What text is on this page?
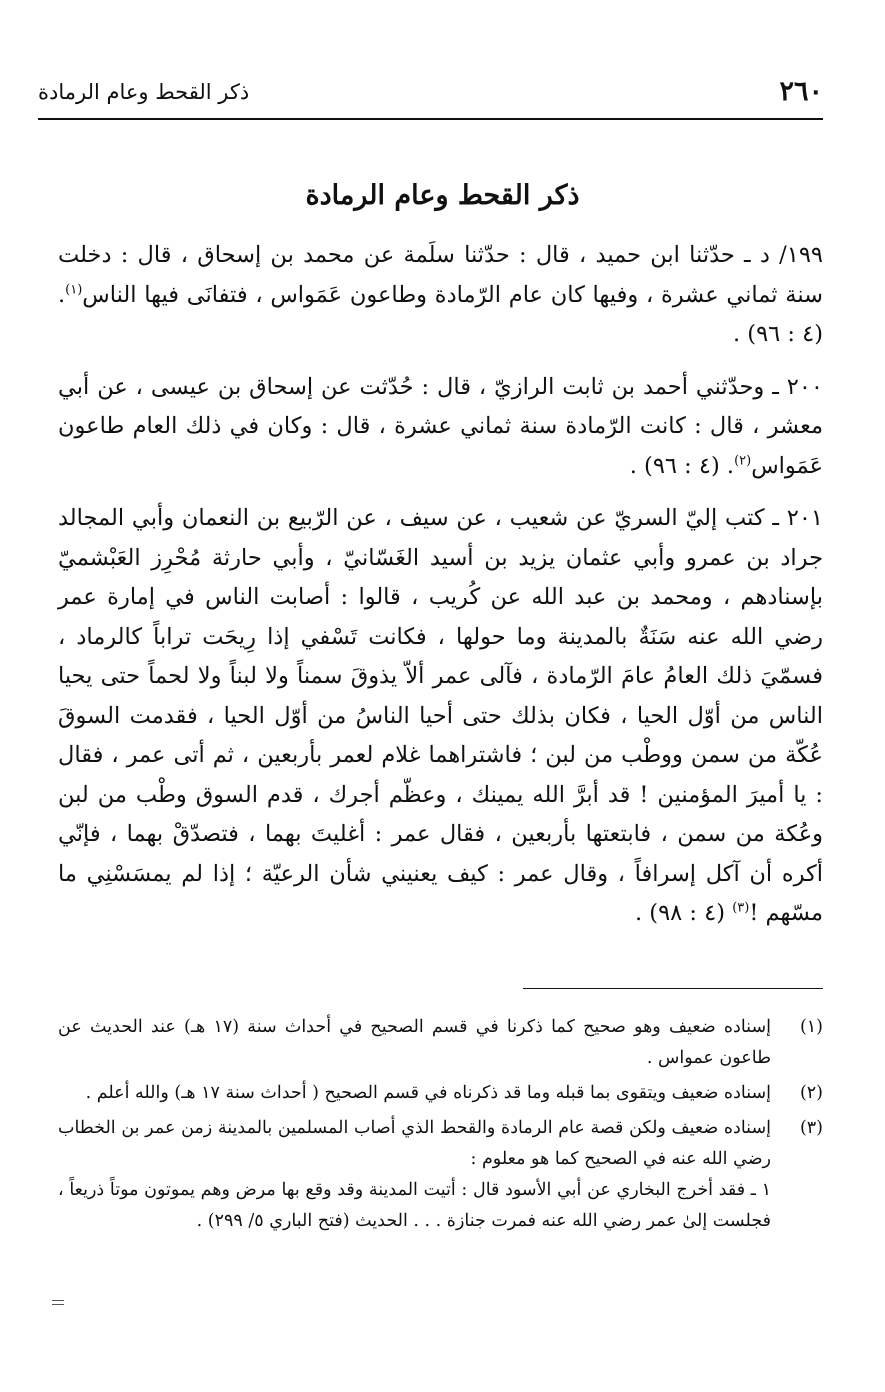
٢٦٠
ذكر القحط وعام الرمادة
ذكر القحط وعام الرمادة

١٩٩/ د ـ حدّثنا ابن حميد ، قال : حدّثنا سلَمة عن محمد بن إسحاق ، قال : دخلت سنة ثماني عشرة ، وفيها كان عام الرّمادة وطاعون عَمَواس ، فتفانَى فيها الناس$^{(١)}$. (٤ : ٩٦) .

٢٠٠ ـ وحدّثني أحمد بن ثابت الرازيّ ، قال : حُدّثت عن إسحاق بن عيسى ، عن أبي معشر ، قال : كانت الرّمادة سنة ثماني عشرة ، قال : وكان في ذلك العام طاعون عَمَواس$^{(٢)}$. (٤ : ٩٦) .

٢٠١ ـ كتب إليّ السريّ عن شعيب ، عن سيف ، عن الرّبيع بن النعمان وأبي المجالد جراد بن عمرو وأبي عثمان يزيد بن أسيد الغَسّانيّ ، وأبي حارثة مُحْرِز العَبْشميّ بإسنادهم ، ومحمد بن عبد الله عن كُريب ، قالوا : أصابت الناس في إمارة عمر رضي الله عنه سَنَةٌ بالمدينة وما حولها ، فكانت تَسْفي إذا رِيحَت تراباً كالرماد ، فسمّيَ ذلك العامُ عامَ الرّمادة ، فآلى عمر ألاّ يذوقَ سمناً ولا لبناً ولا لحماً حتى يحيا الناس من أوّل الحيا ، فكان بذلك حتى أحيا الناسُ من أوّل الحيا ، فقدمت السوقَ عُكّة من سمن ووطْب من لبن ؛ فاشتراهما غلام لعمر بأربعين ، ثم أتى عمر ، فقال : يا أميرَ المؤمنين ! قد أبرَّ الله يمينك ، وعظّم أجرك ، قدم السوق وطْب من لبن وعُكة من سمن ، فابتعتها بأربعين ، فقال عمر : أغليتَ بهما ، فتصدّقْ بهما ، فإنّي أكره أن آكل إسرافاً ، وقال عمر : كيف يعنيني شأن الرعيّة ؛ إذا لم يمسَسْنِي ما مسّهم !$^{(٣)}$ (٤ : ٩٨) .

(١)
إسناده ضعيف وهو صحيح كما ذكرنا في قسم الصحيح في أحداث سنة (١٧ هـ) عند الحديث عن طاعون عمواس .
(٢)
إسناده ضعيف ويتقوى بما قبله وما قد ذكرناه في قسم الصحيح ( أحداث سنة ١٧ هـ) والله أعلم .
(٣)
إسناده ضعيف ولكن قصة عام الرمادة والقحط الذي أصاب المسلمين بالمدينة زمن عمر بن الخطاب رضي الله عنه في الصحيح كما هو معلوم :

١ ـ فقد أخرج البخاري عن أبي الأسود قال : أتيت المدينة وقد وقع بها مرض وهم يموتون موتاً ذريعاً ، فجلست إلىٰ عمر رضي الله عنه فمرت جنازة . . . الحديث (فتح الباري ٥/ ٢٩٩) .
